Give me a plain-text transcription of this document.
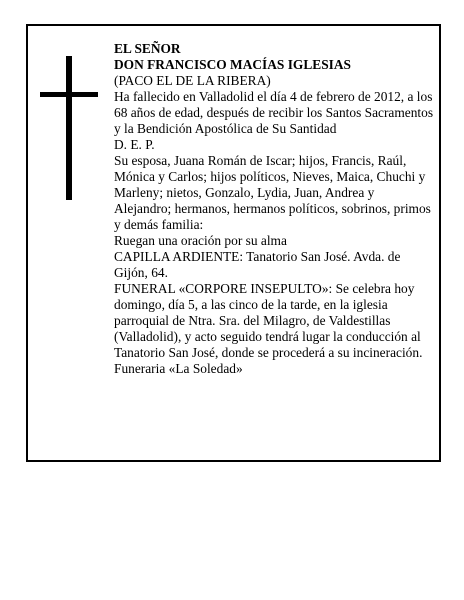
EL SEÑOR

DON FRANCISCO MACÍAS IGLESIAS

(PACO EL DE LA RIBERA)

Ha fallecido en Valladolid el día 4 de febrero de 2012, a los 68 años de edad, después de recibir los Santos Sacramentos y la Bendición Apostólica de Su Santidad

D. E. P.

Su esposa, Juana Román de Iscar; hijos, Francis, Raúl, Mónica y Carlos; hijos políticos, Nieves, Maica, Chuchi y Marleny; nietos, Gonzalo, Lydia, Juan, Andrea y Alejandro; hermanos, hermanos políticos, sobrinos, primos y demás familia:

Ruegan una oración por su alma

CAPILLA ARDIENTE: Tanatorio San José. Avda. de Gijón, 64.

FUNERAL «CORPORE INSEPULTO»: Se celebra hoy domingo, día 5, a las cinco de la tarde, en la iglesia parroquial de Ntra. Sra. del Milagro, de Valdestillas (Valladolid), y acto seguido tendrá lugar la conducción al Tanatorio San José, donde se procederá a su incineración.

Funeraria «La Soledad»
